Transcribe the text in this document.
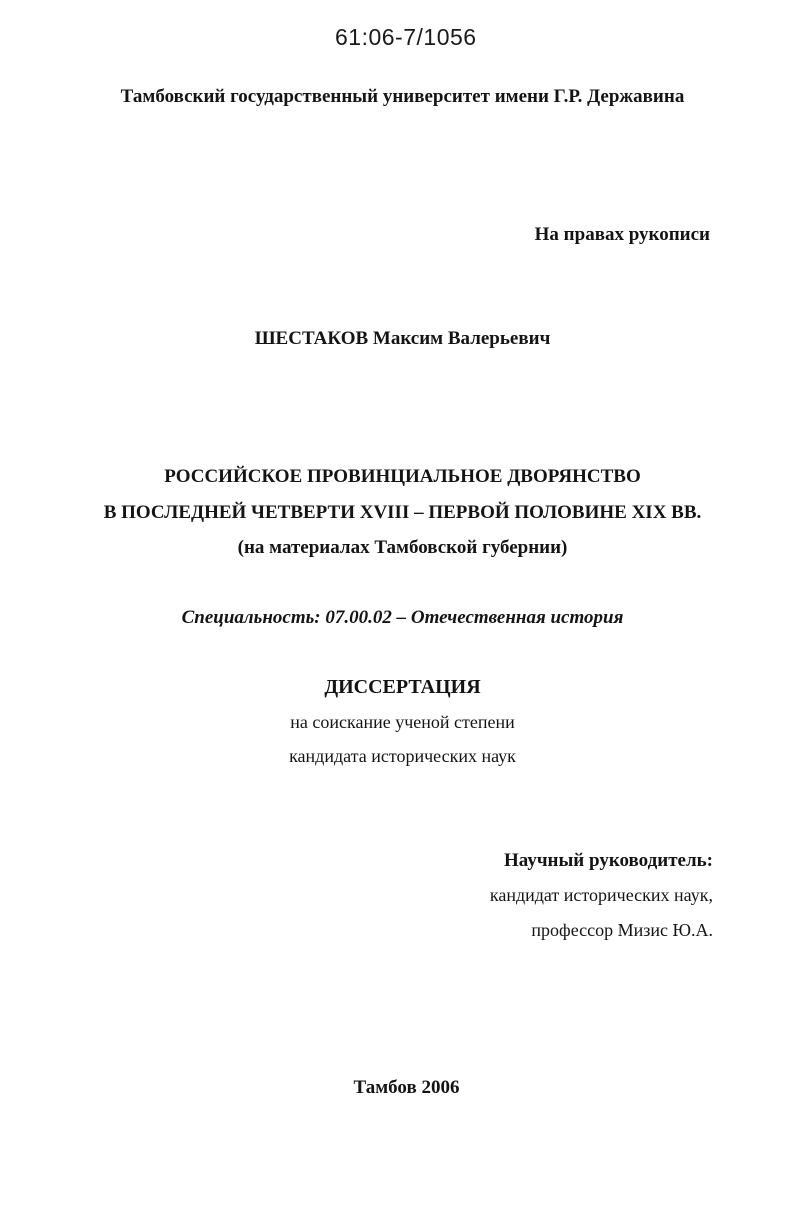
61:06-7/1056
Тамбовский государственный университет имени Г.Р. Державина
На правах рукописи
ШЕСТАКОВ Максим Валерьевич
РОССИЙСКОЕ ПРОВИНЦИАЛЬНОЕ ДВОРЯНСТВО
В ПОСЛЕДНЕЙ ЧЕТВЕРТИ XVIII – ПЕРВОЙ ПОЛОВИНЕ XIX ВВ.
(на материалах Тамбовской губернии)
Специальность: 07.00.02 – Отечественная история
ДИССЕРТАЦИЯ
на соискание ученой степени
кандидата исторических наук
Научный руководитель:
кандидат исторических наук,
профессор Мизис Ю.А.
Тамбов 2006
